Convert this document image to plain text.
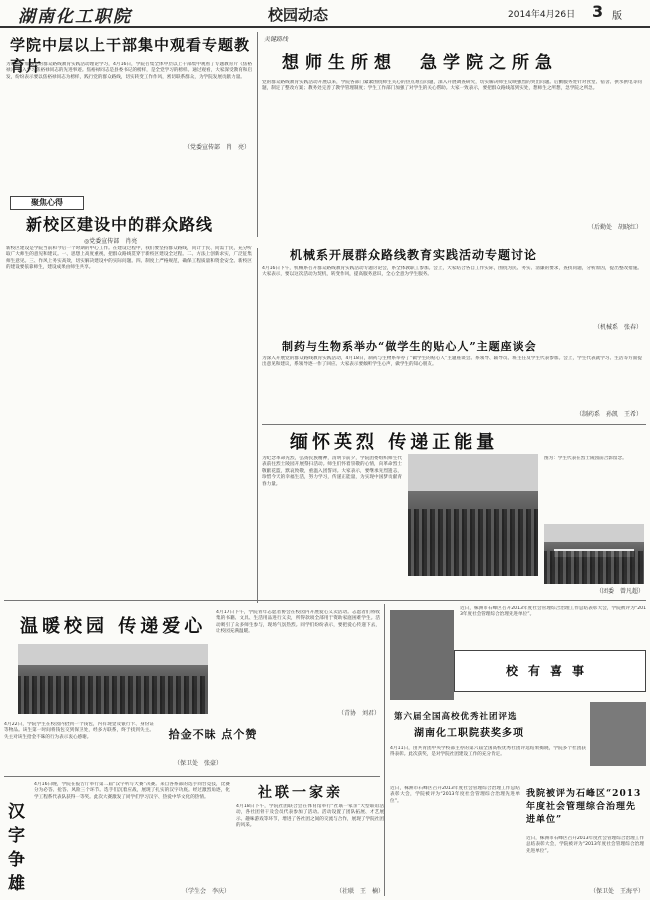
湖南化工职院	校园动态	2014年4月26日 3 版
学院中层以上干部集中观看专题教育片
为进一步加强党的群众路线教育实践活动理论学习，4月16日，学院召集全体中层以上干部集中观看了专题教育片《焦裕禄》，深入学习焦裕禄同志的先进事迹。焦裕禄同志是县委书记的榜样，是全党学习的榜样。通过观看，大家深受教育和启发，纷纷表示要以焦裕禄同志为榜样，践行党的群众路线，切实转变工作作风，密切联系群众，为学院发展贡献力量。
（党委宣传部　肖　亮）
聚焦心得
新校区建设中的群众路线
◎党委宣传部　肖亮
新校区建设是学院当前和今后一个时期的中心工作。在建设过程中，我们要坚持群众路线，问计于民、问需于民，充分听取广大师生的意见和建议。一、思想上高度重视，把群众路线贯穿于新校区建设全过程。二、方法上创新求实，广泛征集师生意见。三、作风上务实高效，切实解决建设中的实际问题。四、制度上严格规范，确保工程质量和资金安全。新校区的建设要依靠师生，建设成果由师生共享。
关键路线
想师生所想　急学院之所急
党的群众路线教育实践活动开展以来，学院各部门紧紧围绕师生关心的热点难点问题，深入开展调查研究，切实解决师生反映强烈的突出问题。后勤服务处针对食堂、宿舍、供水供电等问题，制定了整改方案；教务处完善了教学管理制度；学生工作部门加强了对学生的关心帮助。大家一致表示，要把群众路线落到实处，想师生之所想，急学院之所急。
（后勤处　胡晓红）
机械系开展群众路线教育实践活动专题讨论
4月16日下午，机械系召开群众路线教育实践活动专题讨论会，系全体教职工参加。会上，大家结合各自工作实际，围绕为民、务实、清廉的要求，查找问题，分析原因，提出整改措施。大家表示，要以这次活动为契机，转变作风，提高服务意识，全心全意为学生服务。
（机械系　张春）
制药与生物系举办“做学生的贴心人”主题座谈会
为深入开展党的群众路线教育实践活动，4月18日，制药与生物系举办了“做学生的贴心人”主题座谈会。系领导、辅导员、班主任及学生代表参加。会上，学生代表就学习、生活等方面提出意见和建议，系领导逐一作了回应。大家表示要倾听学生心声，做学生的知心朋友。
（制药系　孙凯　王希）
缅怀英烈 传递正能量
为纪念革命先烈，弘扬民族精神，清明节前夕，学院团委组织师生代表前往烈士陵园开展祭扫活动。师生们怀着崇敬的心情，向革命烈士敬献花篮，默哀致敬，重温入团誓词。大家表示，要继承先烈遗志，珍惜今天的幸福生活，努力学习，传递正能量，为实现中国梦贡献青春力量。
图为：学生代表在烈士陵园前合影留念。
（团委　曾凡超）
温暖校园 传递爱心
4月17日下午，学院青年志愿者协会在校园内开展爱心义卖活动。志愿者们将收集的书籍、文具、生活用品进行义卖，所得款项全部用于资助家庭困难学生。活动吸引了众多师生参与，现场气氛热烈。同学们纷纷表示，要把爱心传递下去，让校园充满温暖。
（青协　刘君）
4月22日，学院学生在校园内拾到一个钱包，内有现金及银行卡、身份证等物品。该生第一时间将钱包交到保卫处，经多方联系，终于找到失主。失主对该生拾金不昧的行为表示衷心感谢。	拾金不昧 点个赞
（保卫处　张豪）
汉字争雄
4月16日晚，学院在报告厅举行第二届“汉字听写大赛”决赛。来自各系部的选手同台竞技，比赛分为必答、抢答、风险三个环节。选手们沉着应战，展现了扎实的汉字功底。经过激烈角逐，化学工程系代表队获得一等奖。此次大赛激发了同学们学习汉字、热爱中华文化的热情。
（学生会　李庆）
社联一家亲
4月18日下午，学院社团联合会在体育馆举行“社联一家亲”大型联谊活动，各社团骨干及会员代表参加了活动。活动设置了团队拓展、才艺展示、趣味游戏等环节，增进了各社团之间的交流与合作，展现了学院社团的风采。
（社联　王　楠）
近日，株洲市石峰区召开2013年度社会管理综合治理工作总结表彰大会，学院被评为“2013年度社会管理综合治理先进单位”。
校有喜事
第六届全国高校优秀社团评选
湖南化工职院获奖多项
4月11日，由共青团中央学校部主办的第六届全国高校优秀社团评选结果揭晓，学院多个社团获得表彰。此次获奖，是对学院社团建设工作的充分肯定。
近日，株洲市石峰区召开2013年度社会管理综合治理工作总结表彰大会，学院被评为“2013年度社会管理综合治理先进单位”。
我院被评为石峰区“2013年度社会管理综合治理先进单位”
近日，株洲市石峰区召开2013年度社会管理综合治理工作总结表彰大会，学院被评为“2013年度社会管理综合治理先进单位”。
（保卫处　王海平）
